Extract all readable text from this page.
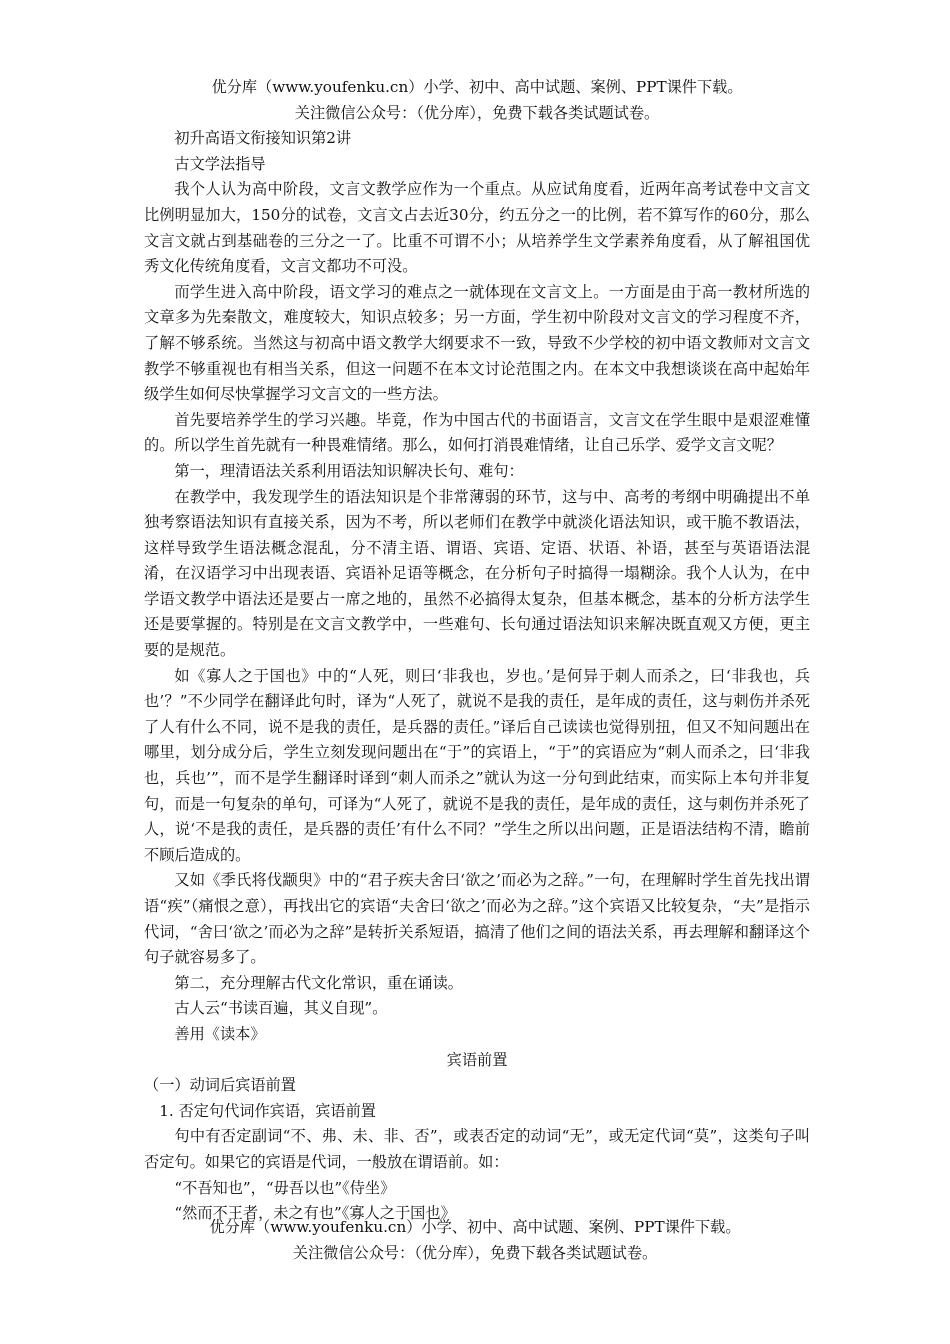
优分库（www.youfenku.cn）小学、初中、高中试题、案例、PPT课件下载。

关注微信公众号：（优分库），免费下载各类试题试卷。

初升高语文衔接知识第2讲

古文学法指导

我个人认为高中阶段，文言文教学应作为一个重点。从应试角度看，近两年高考试卷中文言文比例明显加大，150分的试卷，文言文占去近30分，约五分之一的比例，若不算写作的60分，那么文言文就占到基础卷的三分之一了。比重不可谓不小；从培养学生文学素养角度看，从了解祖国优秀文化传统角度看，文言文都功不可没。

而学生进入高中阶段，语文学习的难点之一就体现在文言文上。一方面是由于高一教材所选的文章多为先秦散文，难度较大，知识点较多；另一方面，学生初中阶段对文言文的学习程度不齐，了解不够系统。当然这与初高中语文教学大纲要求不一致，导致不少学校的初中语文教师对文言文教学不够重视也有相当关系，但这一问题不在本文讨论范围之内。在本文中我想谈谈在高中起始年级学生如何尽快掌握学习文言文的一些方法。

首先要培养学生的学习兴趣。毕竟，作为中国古代的书面语言，文言文在学生眼中是艰涩难懂的。所以学生首先就有一种畏难情绪。那么，如何打消畏难情绪，让自己乐学、爱学文言文呢？

第一，理清语法关系利用语法知识解决长句、难句：

在教学中，我发现学生的语法知识是个非常薄弱的环节，这与中、高考的考纲中明确提出不单独考察语法知识有直接关系，因为不考，所以老师们在教学中就淡化语法知识，或干脆不教语法，这样导致学生语法概念混乱，分不清主语、谓语、宾语、定语、状语、补语，甚至与英语语法混淆，在汉语学习中出现表语、宾语补足语等概念，在分析句子时搞得一塌糊涂。我个人认为，在中学语文教学中语法还是要占一席之地的，虽然不必搞得太复杂，但基本概念，基本的分析方法学生还是要掌握的。特别是在文言文教学中，一些难句、长句通过语法知识来解决既直观又方便，更主要的是规范。

如《寡人之于国也》中的“人死，则曰‘非我也，岁也。’是何异于刺人而杀之，曰‘非我也，兵也’？”不少同学在翻译此句时，译为“人死了，就说不是我的责任，是年成的责任，这与刺伤并杀死了人有什么不同，说不是我的责任，是兵器的责任。”译后自己读读也觉得别扭，但又不知问题出在哪里，划分成分后，学生立刻发现问题出在“于”的宾语上，“于”的宾语应为“刺人而杀之，曰‘非我也，兵也’”，而不是学生翻译时译到“刺人而杀之”就认为这一分句到此结束，而实际上本句并非复句，而是一句复杂的单句，可译为“人死了，就说不是我的责任，是年成的责任，这与刺伤并杀死了人，说‘不是我的责任，是兵器的责任’有什么不同？”学生之所以出问题，正是语法结构不清，瞻前不顾后造成的。

又如《季氏将伐颛臾》中的“君子疾夫舍曰‘欲之’而必为之辞。”一句，在理解时学生首先找出谓语“疾”（痛恨之意），再找出它的宾语“夫舍曰‘欲之’而必为之辞。”这个宾语又比较复杂，“夫”是指示代词，“舍曰‘欲之’而必为之辞”是转折关系短语，搞清了他们之间的语法关系，再去理解和翻译这个句子就容易多了。

第二，充分理解古代文化常识，重在诵读。

古人云“书读百遍，其义自现”。

善用《读本》

宾语前置

（一）动词后宾语前置

1. 否定句代词作宾语，宾语前置

句中有否定副词“不、弗、未、非、否”，或表否定的动词“无”，或无定代词“莫”，这类句子叫否定句。如果它的宾语是代词，一般放在谓语前。如：

“不吾知也”，“毋吾以也”《侍坐》

“然而不王者，未之有也”《寡人之于国也》

优分库（www.youfenku.cn）小学、初中、高中试题、案例、PPT课件下载。

关注微信公众号：（优分库），免费下载各类试题试卷。
